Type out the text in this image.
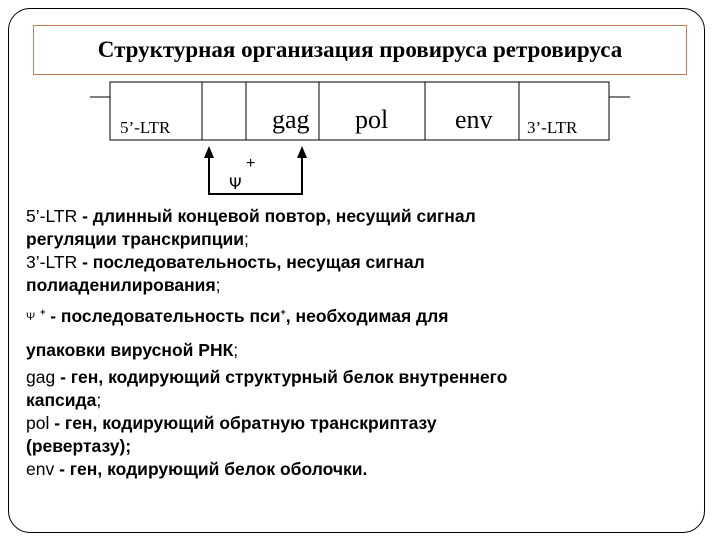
Структурная организация провируса ретровируса
5’-LTR	gag pol	env 3’-LTR
Ψ
+
5’-LTR - длинный концевой повтор, несущий сигнал
регуляции транскрипции;
3’-LTR - последовательность, несущая сигнал
полиаденилирования;
Ψ + - последовательность пси+, необходимая для
упаковки вирусной РНК;
gag - ген, кодирующий структурный белок внутреннего
капсида;
pol - ген, кодирующий обратную транскриптазу
(ревертазу);
env - ген, кодирующий белок оболочки.
